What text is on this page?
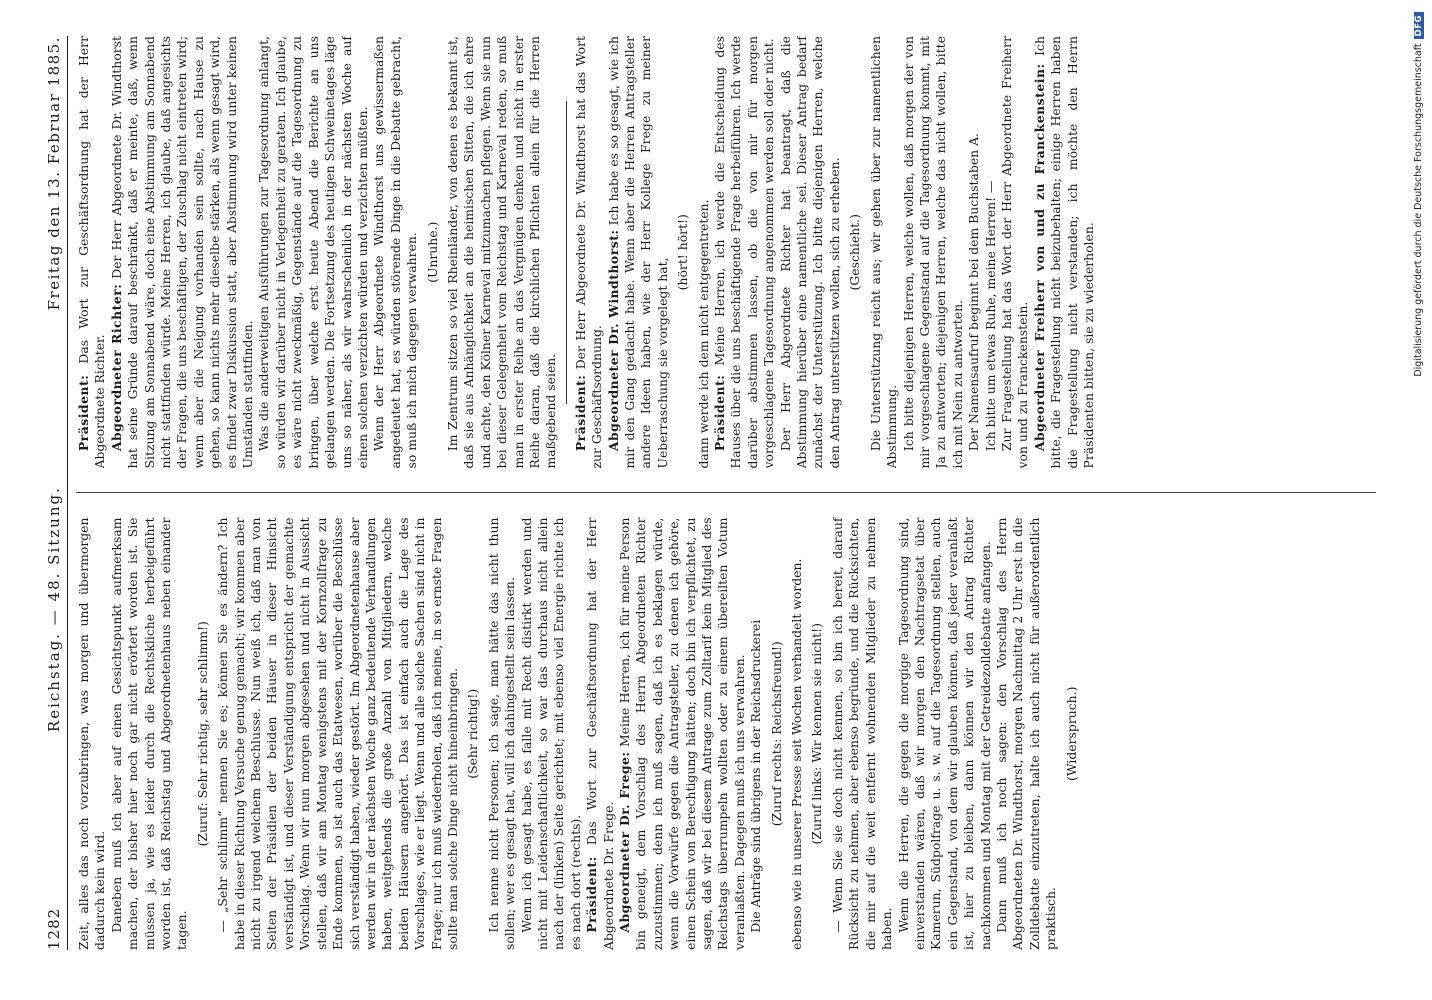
1282
Reichstag. — 48. Sitzung.
Freitag den 13. Februar 1885.

Zeit, alles das noch vorzubringen, was morgen und übermorgen dadurch kein wird. Daneben muß ich aber auf einen Gesichtspunkt aufmerksam machen, der bisher hier noch gar nicht erörtert worden ist. Sie müssen ja, wie es leider durch die Rechtskliche herbeigeführt worden ist, daß Reichstag und Abgeordnetenhaus neben einander tagen.

(Zuruf: Sehr richtig, sehr schlimm!) — „Sehr schlimm“ nennen Sie es; können Sie es ändern? Ich habe in dieser Richtung Versuche genug gemacht; wir kommen aber nicht zu irgend welchem Beschlusse. Nun weiß ich, daß man von Seiten der Präsidien der beiden Häuser in dieser Hinsicht verständigt ist, und dieser Verständigung entspricht der gemachte Vorschlag. Wenn wir nun morgen abgesehen und nicht in Aussicht stellen, daß wir am Montag wenigstens mit der Kornzollfrage zu Ende kommen, so ist auch das Etatwesen, worüber die Beschlüsse sich verständigt haben, wieder gestört. Im Abgeordnetenhause aber werden wir in der nächsten Woche ganz bedeutende Verhandlungen haben, weitgehends die große Anzahl von Mitgliedern, welche beiden Häusern angehört. Das ist einfach auch die Lage des Vorschlages, wie er liegt. Wenn und alle solche Sachen sind nicht in Frage; nur ich muß wiederholen, daß ich meine, in so ernste Fragen sollte man solche Dinge nicht hineinbringen. (Sehr richtig!) Ich nenne nicht Personen; ich sage, man hätte das nicht thun sollen; wer es gesagt hat, will ich dahingestellt sein lassen. Wenn ich gesagt habe, es falle mit Recht distirkt werden und nicht mit Leidenschaftlichkeit, so war das durchaus nicht allein nach der (linken) Seite gerichtet; mit ebenso viel Energie richte ich es nach dort (rechts). Präsident: Das Wort zur Geschäftsordnung hat der Herr Abgeordnete Dr. Frege. Abgeordneter Dr. Frege: Meine Herren, ich für meine Person bin geneigt, dem Vorschlag des Herrn Abgeordneten Richter zuzustimmen; denn ich muß sagen, daß ich es beklagen würde, wenn die Vorwürfe gegen die Antragsteller, zu denen ich gehöre, einen Schein von Berechtigung hätten; doch bin ich verpflichtet, zu sagen, daß wir bei diesem Antrage zum Zolltarif kein Mitglied des Reichstags überrumpeln wollten oder zu einem übereilten Votum veranlaßten. Dagegen muß ich uns verwahren. Die Anträge sind übrigens in der Reichsdruckerei (Zuruf rechts: Reichsfreund!) ebenso wie in unserer Presse seit Wochen verhandelt worden. (Zuruf links: Wir kennen sie nicht!) — Wenn Sie sie doch nicht kennen, so bin ich bereit, darauf Rücksicht zu nehmen, aber ebenso begründe, und die Rücksichten, die mir auf die weit entfernt wohnenden Mitglieder zu nehmen haben. Wenn die Herren, die gegen die morgige Tagesordnung sind, einverstanden wären, daß wir morgen den Nachtragsetat über Kamerun, Südpolfrage u. s. w. auf die Tagesordnung stellen, auch ein Gegenstand, von dem wir glauben können, daß jeder veranlaßt ist, hier zu bleiben, dann können wir den Antrag Richter nachkommen und Montag mit der Getreidezolldebatte anfangen. Dann muß ich noch sagen: den Vorschlag des Herrn Abgeordneten Dr. Windthorst, morgen Nachmittag 2 Uhr erst in die Zolldebatte einzutreten, halte ich auch nicht für außerordentlich praktisch.

(Widerspruch.)

Präsident: Das Wort zur Geschäftsordnung hat der Herr Abgeordnete Richter. Abgeordneter Richter: Der Herr Abgeordnete Dr. Windthorst hat seine Gründe darauf beschränkt, daß er meinte, daß, wenn Sitzung am Sonnabend wäre, doch eine Abstimmung am Sonnabend nicht stattfinden würde. Meine Herren, ich glaube, daß angesichts der Fragen, die uns beschäftigen, der Zuschlag nicht eintreten wird; wenn aber die Neigung vorhanden sein sollte, nach Hause zu gehen, so kann nichts mehr dieselbe stärken, als wenn gesagt wird, es findet zwar Diskussion statt, aber Abstimmung wird unter keinen Umständen stattfinden. Was die anderweitigen Ausführungen zur Tagesordnung anlangt, so würden wir darüber nicht in Verlegenheit zu geraten. Ich glaube, es wäre nicht zweckmäßig, Gegenstände auf die Tagesordnung zu bringen, über welche erst heute Abend die Berichte an uns gelangen werden. Die Fortsetzung des heutigen Schweinetages läge uns so näher, als wir wahrscheinlich in der nächsten Woche auf einen solchen verzichten würden und verzichten müßten. Wenn der Herr Abgeordnete Windthorst uns gewissermaßen angedeutet hat, es würden störende Dinge in die Debatte gebracht, so muß ich mich dagegen verwahren. (Unruhe.) Im Zentrum sitzen so viel Rheinländer, von denen es bekannt ist, daß sie aus Anhänglichkeit an die heimischen Sitten, die ich ehre und achte, den Kölner Karneval mitzumachen pflegen. Wenn sie nun bei dieser Gelegenheit vom Reichstag und Karneval reden, so muß man in erster Reihe an das Vergnügen denken und nicht in erster Reihe daran, daß die kirchlichen Pflichten allein für die Herren maßgebend seien. Präsident: Der Herr Abgeordnete Dr. Windthorst hat das Wort zur Geschäftsordnung. Abgeordneter Dr. Windthorst: Ich habe es so gesagt, wie ich mir den Gang gedacht habe. Wenn aber die Herren Antragsteller andere Ideen haben, wie der Herr Kollege Frege zu meiner Ueberraschung sie vorgelegt hat,

(hört! hört!) dann werde ich dem nicht entgegentreten. Präsident: Meine Herren, ich werde die Entscheidung des Hauses über die uns beschäftigende Frage herbeiführen. Ich werde darüber abstimmen lassen, ob die von mir für morgen vorgeschlagene Tagesordnung angenommen werden soll oder nicht. Der Herr Abgeordnete Richter hat beantragt, daß die Abstimmung hierüber eine namentliche sei. Dieser Antrag bedarf zunächst der Unterstützung. Ich bitte diejenigen Herren, welche den Antrag unterstützen wollen, sich zu erheben. (Geschieht.) Die Unterstützung reicht aus; wir gehen über zur namentlichen Abstimmung. Ich bitte diejenigen Herren, welche wollen, daß morgen der von mir vorgeschlagene Gegenstand auf die Tagesordnung kommt, mit Ja zu antworten; diejenigen Herren, welche das nicht wollen, bitte ich mit Nein zu antworten. Der Namensaufruf beginnt bei dem Buchstaben A. Ich bitte um etwas Ruhe, meine Herren! — Zur Fragestellung hat das Wort der Herr Abgeordnete Freiherr von und zu Franckenstein. Abgeordneter Freiherr von und zu Franckenstein: Ich bitte, die Fragestellung nicht beizubehalten; einige Herren haben die Fragestellung nicht verstanden; ich möchte den Herrn Präsidenten bitten, sie zu wiederholen.	Digitalisierung gefördert durch die Deutsche ForschungsgemeinschaftDFG
